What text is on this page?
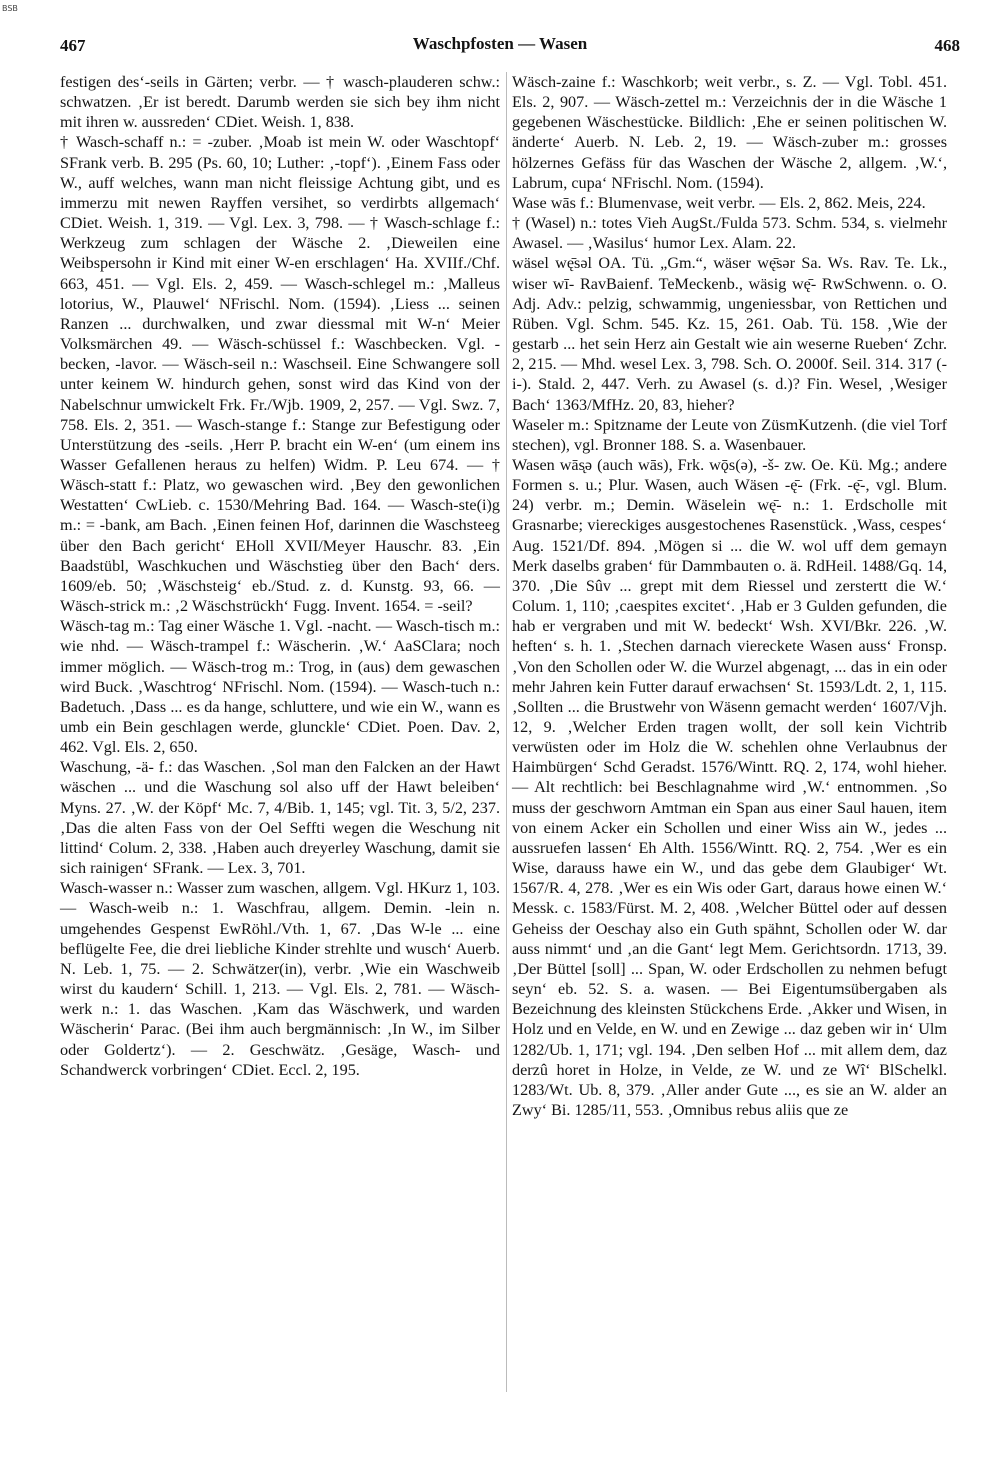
BSB
467	Waschpfosten — Wasen	468

festigen des‘-seils in Gärten; verbr. — † wasch-plauderen schw.: schwatzen. ‚Er ist beredt. Darumb werden sie sich bey ihm nicht mit ihren w. aussreden‘ CDiet. Weish. 1, 838.

† Wasch-schaff n.: = -zuber. ‚Moab ist mein W. oder Waschtopf‘ SFrank verb. B. 295 (Ps. 60, 10; Luther: ‚-topf‘). ‚Einem Fass oder W., auff welches, wann man nicht fleissige Achtung gibt, und es immerzu mit newen Rayffen versihet, so verdirbts allgemach‘ CDiet. Weish. 1, 319. — Vgl. Lex. 3, 798. — † Wasch-schlage f.: Werkzeug zum schlagen der Wäsche 2. ‚Dieweilen eine Weibspersohn ir Kind mit einer W-en erschlagen‘ Ha. XVIIf./Chf. 663, 451. — Vgl. Els. 2, 459. — Wasch-schlegel m.: ‚Malleus lotorius, W., Plauwel‘ NFrischl. Nom. (1594). ‚Liess ... seinen Ranzen ... durchwalken, und zwar diessmal mit W-n‘ Meier Volksmärchen 49. — Wäsch-schüssel f.: Waschbecken. Vgl. -becken, -lavor. — Wäsch-seil n.: Waschseil. Eine Schwangere soll unter keinem W. hindurch gehen, sonst wird das Kind von der Nabelschnur umwickelt Frk. Fr./Wjb. 1909, 2, 257. — Vgl. Swz. 7, 758. Els. 2, 351. — Wasch-stange f.: Stange zur Befestigung oder Unterstützung des -seils. ‚Herr P. bracht ein W-en‘ (um einem ins Wasser Gefallenen heraus zu helfen) Widm. P. Leu 674. — † Wäsch-statt f.: Platz, wo gewaschen wird. ‚Bey den gewonlichen Westatten‘ CwLieb. c. 1530/Mehring Bad. 164. — Wasch-ste(i)g m.: = -bank, am Bach. ‚Einen feinen Hof, darinnen die Waschsteeg über den Bach gericht‘ EHoll XVII/Meyer Hauschr. 83. ‚Ein Baadstübl, Waschkuchen und Wäschstieg über den Bach‘ ders. 1609/eb. 50; ‚Wäschsteig‘ eb./Stud. z. d. Kunstg. 93, 66. — Wäsch-strick m.: ‚2 Wäschstrückh‘ Fugg. Invent. 1654. = -seil?

Wäsch-tag m.: Tag einer Wäsche 1. Vgl. -nacht. — Wasch-tisch m.: wie nhd. — Wäsch-trampel f.: Wäscherin. ‚W.‘ AaSClara; noch immer möglich. — Wäsch-trog m.: Trog, in (aus) dem gewaschen wird Buck. ‚Waschtrog‘ NFrischl. Nom. (1594). — Wasch-tuch n.: Badetuch. ‚Dass ... es da hange, schluttere, und wie ein W., wann es umb ein Bein geschlagen werde, glunckle‘ CDiet. Poen. Dav. 2, 462. Vgl. Els. 2, 650.

Waschung, -ä- f.: das Waschen. ‚Sol man den Falcken an der Hawt wäschen ... und die Waschung sol also uff der Hawt beleiben‘ Myns. 27. ‚W. der Köpf‘ Mc. 7, 4/Bib. 1, 145; vgl. Tit. 3, 5/2, 237. ‚Das die alten Fass von der Oel Seffti wegen die Weschung nit littind‘ Colum. 2, 338. ‚Haben auch dreyerley Waschung, damit sie sich rainigen‘ SFrank. — Lex. 3, 701.

Wasch-wasser n.: Wasser zum waschen, allgem. Vgl. HKurz 1, 103. — Wasch-weib n.: 1. Waschfrau, allgem. Demin. -lein n. umgehendes Gespenst EwRöhl./Vth. 1, 67. ‚Das W-le ... eine beflügelte Fee, die drei liebliche Kinder strehlte und wusch‘ Auerb. N. Leb. 1, 75. — 2. Schwätzer(in), verbr. ‚Wie ein Waschweib wirst du kaudern‘ Schill. 1, 213. — Vgl. Els. 2, 781. — Wäsch-werk n.: 1. das Waschen. ‚Kam das Wäschwerk, und warden Wäscherin‘ Parac. (Bei ihm auch bergmännisch: ‚In W., im Silber oder Goldertz‘). — 2. Geschwätz. ‚Gesäge, Wasch- und Schandwerck vorbringen‘ CDiet. Eccl. 2, 195.

Wäsch-zaine f.: Waschkorb; weit verbr., s. Z. — Vgl. Tobl. 451. Els. 2, 907. — Wäsch-zettel m.: Verzeichnis der in die Wäsche 1 gegebenen Wäschestücke. Bildlich: ‚Ehe er seinen politischen W. änderte‘ Auerb. N. Leb. 2, 19. — Wäsch-zuber m.: grosses hölzernes Gefäss für das Waschen der Wäsche 2, allgem. ‚W.‘, Labrum, cupa‘ NFrischl. Nom. (1594).

Wase wās f.: Blumenvase, weit verbr. — Els. 2, 862. Meis, 224.

† (Wasel) n.: totes Vieh AugSt./Fulda 573. Schm. 534, s. vielmehr Awasel. — ‚Wasilus‘ humor Lex. Alam. 22.

wäsel wę̄səl OA. Tü. „Gm.“, wäser wę̄sər Sa. Ws. Rav. Te. Lk., wiser wī- RavBaienf. TeMeckenb., wäsig wę̄- RwSchwenn. o. O. Adj. Adv.: pelzig, schwammig, ungeniessbar, von Rettichen und Rüben. Vgl. Schm. 545. Kz. 15, 261. Oab. Tü. 158. ‚Wie der gestarb ... het sein Herz ain Gestalt wie ain weserne Rueben‘ Zchr. 2, 215. — Mhd. wesel Lex. 3, 798. Sch. O. 2000f. Seil. 314. 317 (-i-). Stald. 2, 447. Verh. zu Awasel (s. d.)? Fin. Wesel, ‚Wesiger Bach‘ 1363/MfHz. 20, 83, hieher?

Waseler m.: Spitzname der Leute von ZüsmKutzenh. (die viel Torf stechen), vgl. Bronner 188. S. a. Wasenbauer.

Wasen wās̨ə (auch wās), Frk. wǭs(ə), -š- zw. Oe. Kü. Mg.; andere Formen s. u.; Plur. Wasen, auch Wäsen -ę̄- (Frk. -ę̄-, vgl. Blum. 24) verbr. m.; Demin. Wäselein wę̄- n.: 1. Erdscholle mit Grasnarbe; viereckiges ausgestochenes Rasenstück. ‚Wass, cespes‘ Aug. 1521/Df. 894. ‚Mögen si ... die W. wol uff dem gemayn Merk daselbs graben‘ für Dammbauten o. ä. RdHeil. 1488/Gq. 14, 370. ‚Die Sûv ... grept mit dem Riessel und zerstertt die W.‘ Colum. 1, 110; ‚caespites excitet‘. ‚Hab er 3 Gulden gefunden, die hab er vergraben und mit W. bedeckt‘ Wsh. XVI/Bkr. 226. ‚W. heften‘ s. h. 1. ‚Stechen darnach viereckete Wasen auss‘ Fronsp. ‚Von den Schollen oder W. die Wurzel abgenagt, ... das in ein oder mehr Jahren kein Futter darauf erwachsen‘ St. 1593/Ldt. 2, 1, 115. ‚Sollten ... die Brustwehr von Wäsenn gemacht werden‘ 1607/Vjh. 12, 9. ‚Welcher Erden tragen wollt, der soll kein Vichtrib verwüsten oder im Holz die W. schehlen ohne Verlaubnus der Haimbürgen‘ Schd Geradst. 1576/Wintt. RQ. 2, 174, wohl hieher. — Alt rechtlich: bei Beschlagnahme wird ‚W.‘ entnommen. ‚So muss der geschworn Amtman ein Span aus einer Saul hauen, item von einem Acker ein Schollen und einer Wiss ain W., jedes ... aussruefen lassen‘ Eh Alth. 1556/Wintt. RQ. 2, 754. ‚Wer es ein Wise, darauss hawe ein W., und das gebe dem Glaubiger‘ Wt. 1567/R. 4, 278. ‚Wer es ein Wis oder Gart, daraus howe einen W.‘ Messk. c. 1583/Fürst. M. 2, 408. ‚Welcher Büttel oder auf dessen Geheiss der Oeschay also ein Guth spähnt, Schollen oder W. dar auss nimmt‘ und ‚an die Gant‘ legt Mem. Gerichtsordn. 1713, 39. ‚Der Büttel [soll] ... Span, W. oder Erdschollen zu nehmen befugt seyn‘ eb. 52. S. a. wasen. — Bei Eigentumsübergaben als Bezeichnung des kleinsten Stückchens Erde. ‚Akker und Wisen, in Holz und en Velde, en W. und en Zewige ... daz geben wir in‘ Ulm 1282/Ub. 1, 171; vgl. 194. ‚Den selben Hof ... mit allem dem, daz derzû horet in Holze, in Velde, ze W. und ze Wî‘ BlSchelkl. 1283/Wt. Ub. 8, 379. ‚Aller ander Gute ..., es sie an W. alder an Zwy‘ Bi. 1285/11, 553. ‚Omnibus rebus aliis que ze
